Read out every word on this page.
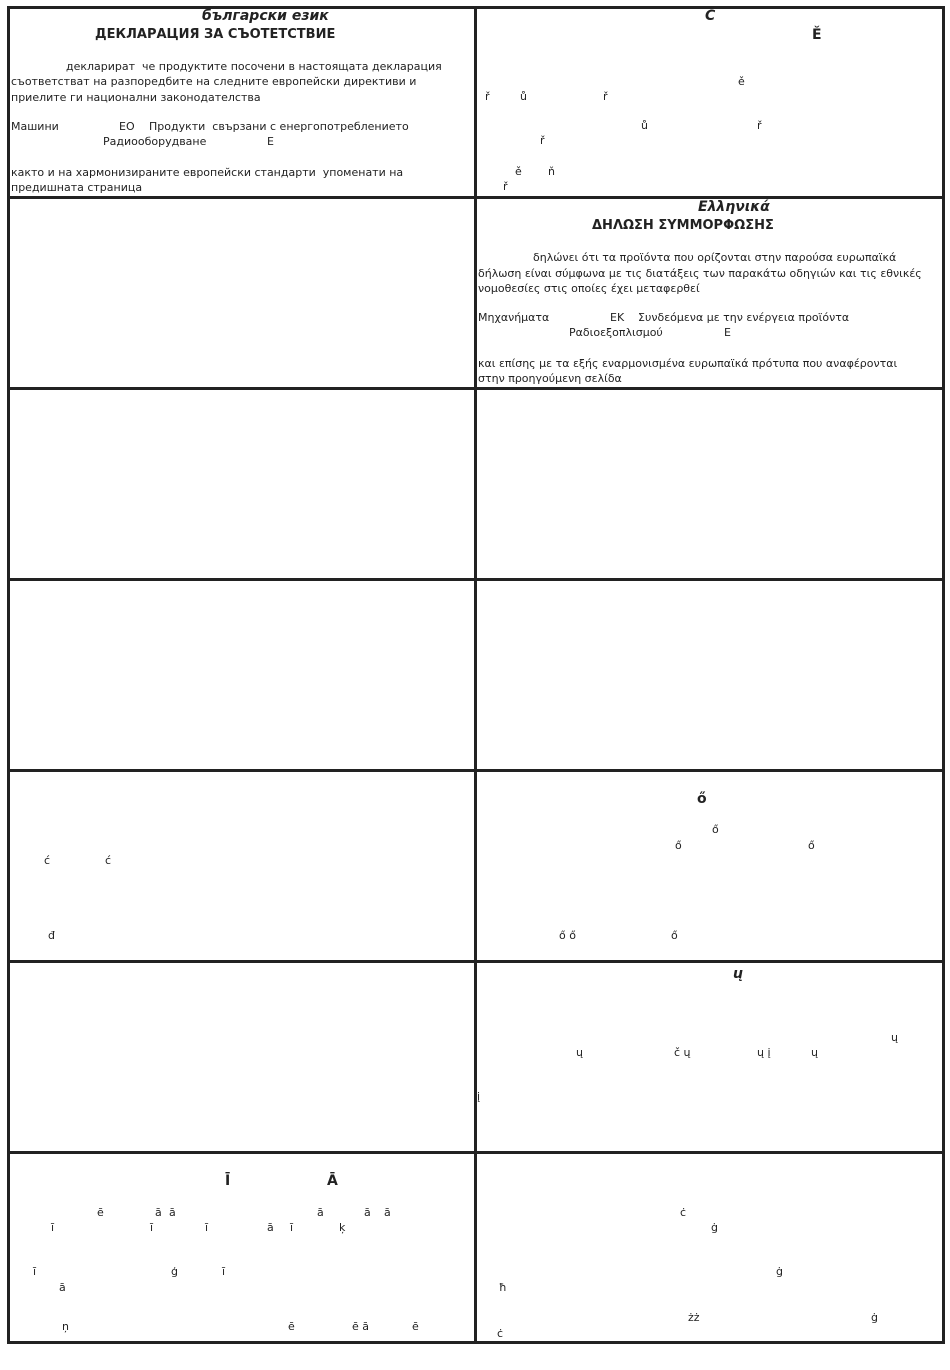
български език
ДЕКЛАРАЦИЯ ЗА СЪОТЕТСТВИЕ
декларират  че продуктите посочени в настоящата декларация
съответстват на разпоредбите на следните европейски директиви и
приелите ги национални законодателства
Машини	ЕО Продукти  свързани с енергопотреблението
Радиооборудване	Е
както и на хармонизираните европейски стандарти  упоменати на
предишната страница
Ċ
Ě
ě
ř	ů	ř
ř
ů
ř
ě ň
ř
Ελληνικά
ΔΗΛΩΣΗ ΣΥΜΜΟΡΦΩΣΗΣ
δηλώνει ότι τα προϊόντα που ορίζονται στην παρούσα ευρωπαϊκά
δήλωση είναι σύμφωνα με τις διατάξεις των παρακάτω οδηγιών και τις εθνικές
νομοθεσίες στις οποίες έχει μεταφερθεί
Μηχανήματα	ΕΚ Συνδεόμενα με την ενέργεια προϊόντα
Ραδιοεξοπλισμού	Ε
και επίσης με τα εξής εναρμονισμένα ευρωπαϊκά πρότυπα που αναφέρονται
στην προηγούμενη σελίδα
ć	ć
đ
ő
ő
ő	ő
ő ő	ő
ų
ų
ų	č ų	ų į	ų
į
Ī	Ā
ē	ā ā	ā	ā ā
ī	ī	ī	ā ī	ķ
ī	ģ	ī
ā
ņ	ē	ē ā	ē
ċ
ġ
ġ
ħ
żż	ġ
ċ
